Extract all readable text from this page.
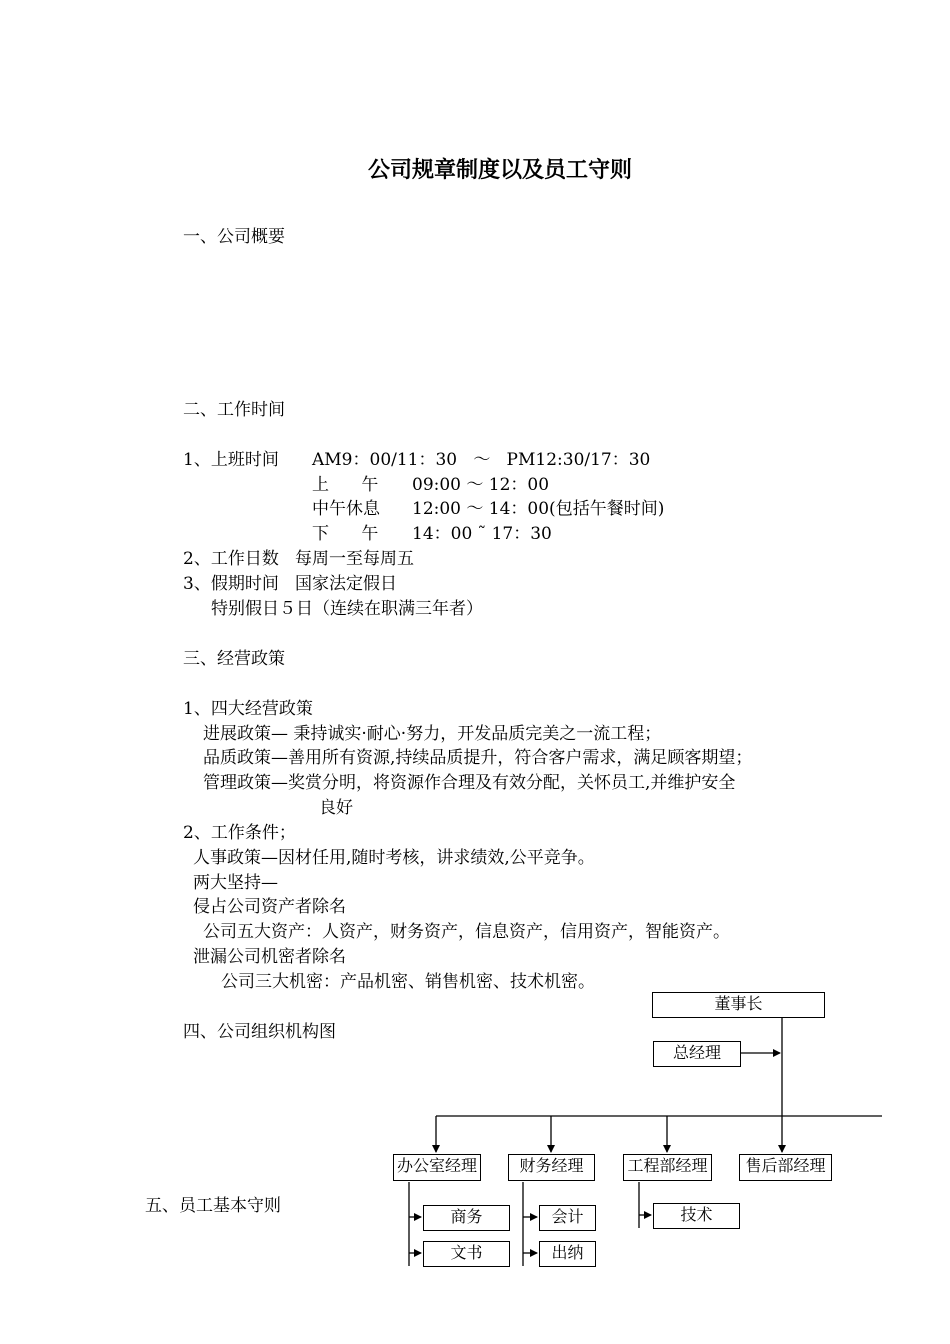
公司规章制度以及员工守则
一、公司概要
二、工作时间
1、上班时间 AM9：00/11：30   ～   PM12:30/17：30
上      午 09:00 ～ 12：00
中午休息 12:00 ～ 14：00(包括午餐时间)
下      午 14：00 ˜ 17：30
2、工作日数   每周一至每周五
3、假期时间   国家法定假日
特别假日５日（连续在职满三年者）
三、经营政策
1、四大经营政策
进展政策— 秉持诚实·耐心·努力，开发品质完美之一流工程；
品质政策—善用所有资源,持续品质提升，符合客户需求，满足顾客期望；
管理政策—奖赏分明，将资源作合理及有效分配，关怀员工,并维护安全
良好
2、工作条件；
人事政策—因材任用,随时考核，讲求绩效,公平竞争。
两大坚持—
侵占公司资产者除名
公司五大资产：人资产，财务资产，信息资产，信用资产，智能资产。
泄漏公司机密者除名
公司三大机密：产品机密、销售机密、技术机密。
四、公司组织机构图
五、员工基本守则
董事长
总经理
办公室经理	财务经理	工程部经理	售后部经理
商务
文书
会计
出纳
技术
